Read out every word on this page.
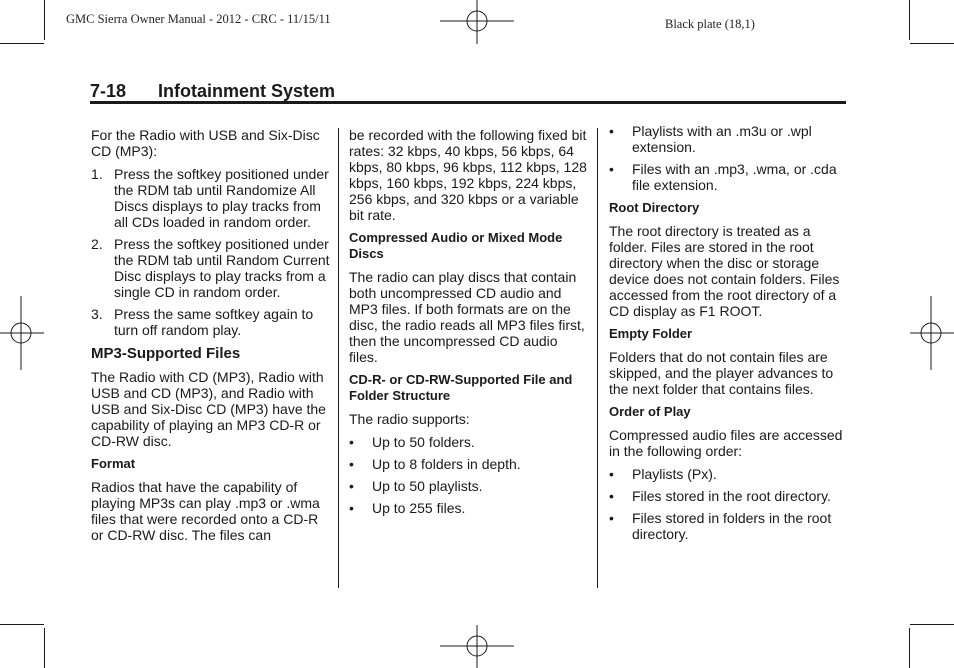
GMC Sierra Owner Manual - 2012 - CRC - 11/15/11	Black plate (18,1)
7-18 Infotainment System

For the Radio with USB and Six-Disc CD (MP3):

1. Press the softkey positioned under the RDM tab until Randomize All Discs displays to play tracks from all CDs loaded in random order.
2. Press the softkey positioned under the RDM tab until Random Current Disc displays to play tracks from a single CD in random order.
3. Press the same softkey again to turn off random play.
MP3-Supported Files

The Radio with CD (MP3), Radio with USB and CD (MP3), and Radio with USB and Six-Disc CD (MP3) have the capability of playing an MP3 CD-R or CD-RW disc.

Format

Radios that have the capability of playing MP3s can play .mp3 or .wma files that were recorded onto a CD-R or CD-RW disc. The files can

be recorded with the following fixed bit rates: 32 kbps, 40 kbps, 56 kbps, 64 kbps, 80 kbps, 96 kbps, 112 kbps, 128 kbps, 160 kbps, 192 kbps, 224 kbps, 256 kbps, and 320 kbps or a variable bit rate.

Compressed Audio or Mixed Mode Discs

The radio can play discs that contain both uncompressed CD audio and MP3 files. If both formats are on the disc, the radio reads all MP3 files first, then the uncompressed CD audio files.

CD-R- or CD-RW-Supported File and Folder Structure

The radio supports:

• Up to 50 folders.
• Up to 8 folders in depth.
• Up to 50 playlists.
• Up to 255 files.
• Playlists with an .m3u or .wpl extension.
• Files with an .mp3, .wma, or .cda file extension.
Root Directory

The root directory is treated as a folder. Files are stored in the root directory when the disc or storage device does not contain folders. Files accessed from the root directory of a CD display as F1 ROOT.

Empty Folder

Folders that do not contain files are skipped, and the player advances to the next folder that contains files.

Order of Play

Compressed audio files are accessed in the following order:

• Playlists (Px).
• Files stored in the root directory.
• Files stored in folders in the root directory.
